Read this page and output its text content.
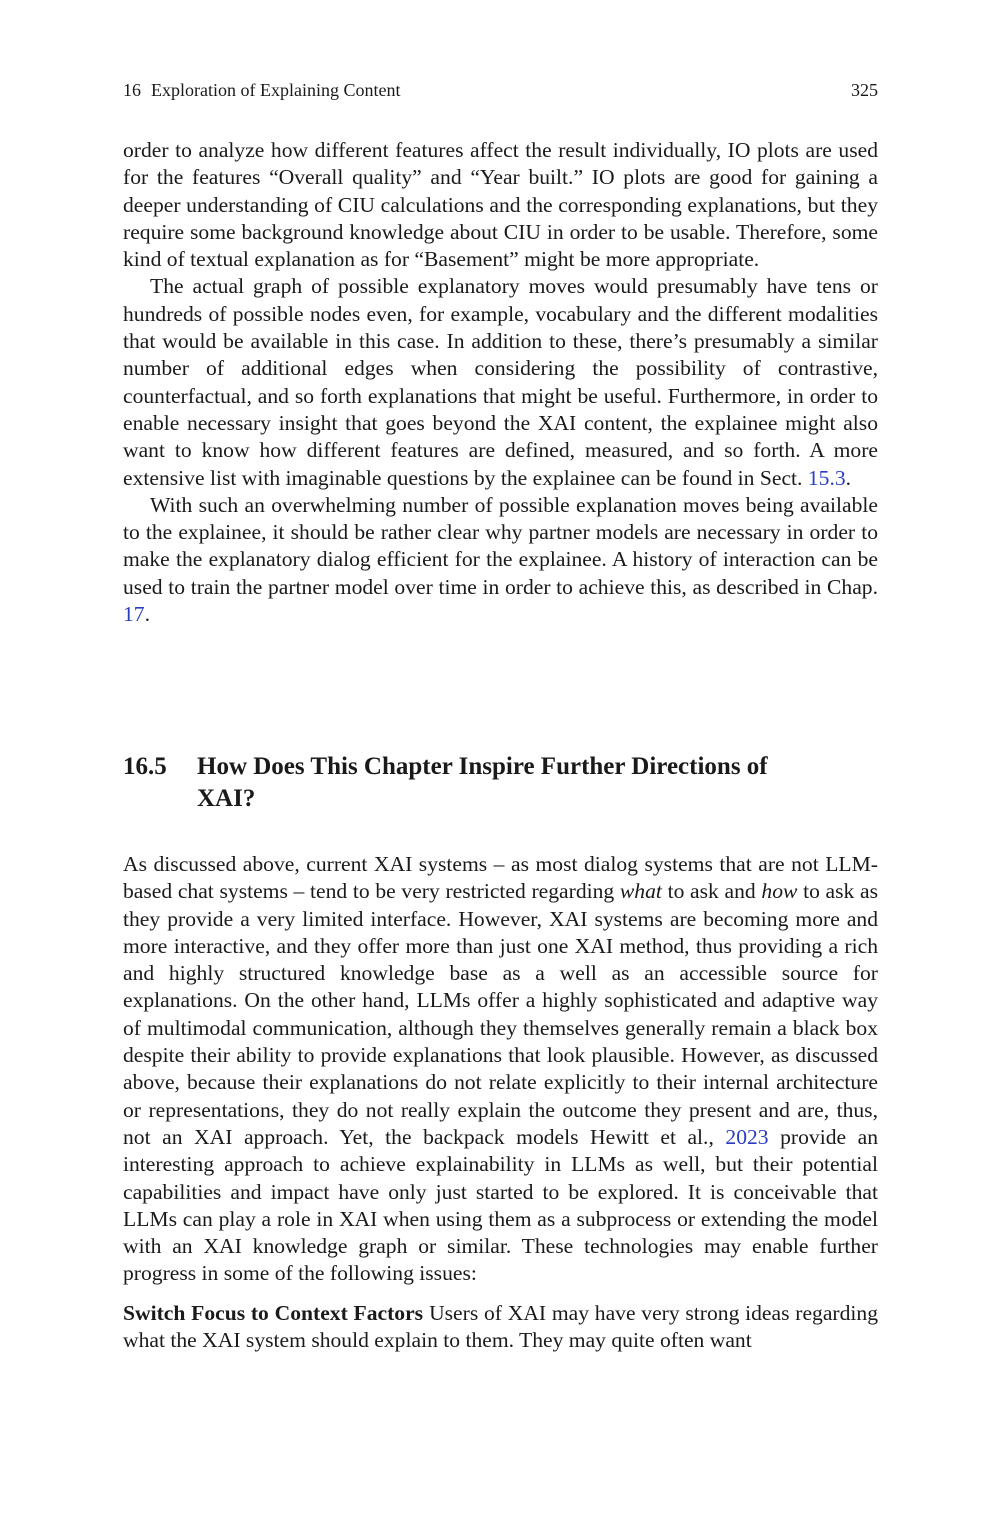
16 Exploration of Explaining Content	325

order to analyze how different features affect the result individually, IO plots are used for the features “Overall quality” and “Year built.” IO plots are good for gaining a deeper understanding of CIU calculations and the corresponding explanations, but they require some background knowledge about CIU in order to be usable. Therefore, some kind of textual explanation as for “Basement” might be more appropriate.

The actual graph of possible explanatory moves would presumably have tens or hundreds of possible nodes even, for example, vocabulary and the different modalities that would be available in this case. In addition to these, there’s presumably a similar number of additional edges when considering the possibility of contrastive, counterfactual, and so forth explanations that might be useful. Furthermore, in order to enable necessary insight that goes beyond the XAI content, the explainee might also want to know how different features are defined, measured, and so forth. A more extensive list with imaginable questions by the explainee can be found in Sect. 15.3.

With such an overwhelming number of possible explanation moves being available to the explainee, it should be rather clear why partner models are necessary in order to make the explanatory dialog efficient for the explainee. A history of interaction can be used to train the partner model over time in order to achieve this, as described in Chap. 17.

16.5	How Does This Chapter Inspire Further Directions of XAI?

As discussed above, current XAI systems – as most dialog systems that are not LLM-based chat systems – tend to be very restricted regarding what to ask and how to ask as they provide a very limited interface. However, XAI systems are becoming more and more interactive, and they offer more than just one XAI method, thus providing a rich and highly structured knowledge base as a well as an accessible source for explanations. On the other hand, LLMs offer a highly sophisticated and adaptive way of multimodal communication, although they themselves generally remain a black box despite their ability to provide explanations that look plausible. However, as discussed above, because their explanations do not relate explicitly to their internal architecture or representations, they do not really explain the outcome they present and are, thus, not an XAI approach. Yet, the backpack models Hewitt et al., 2023 provide an interesting approach to achieve explainability in LLMs as well, but their potential capabilities and impact have only just started to be explored. It is conceivable that LLMs can play a role in XAI when using them as a subprocess or extending the model with an XAI knowledge graph or similar. These technologies may enable further progress in some of the following issues:

Switch Focus to Context Factors Users of XAI may have very strong ideas regarding what the XAI system should explain to them. They may quite often want
